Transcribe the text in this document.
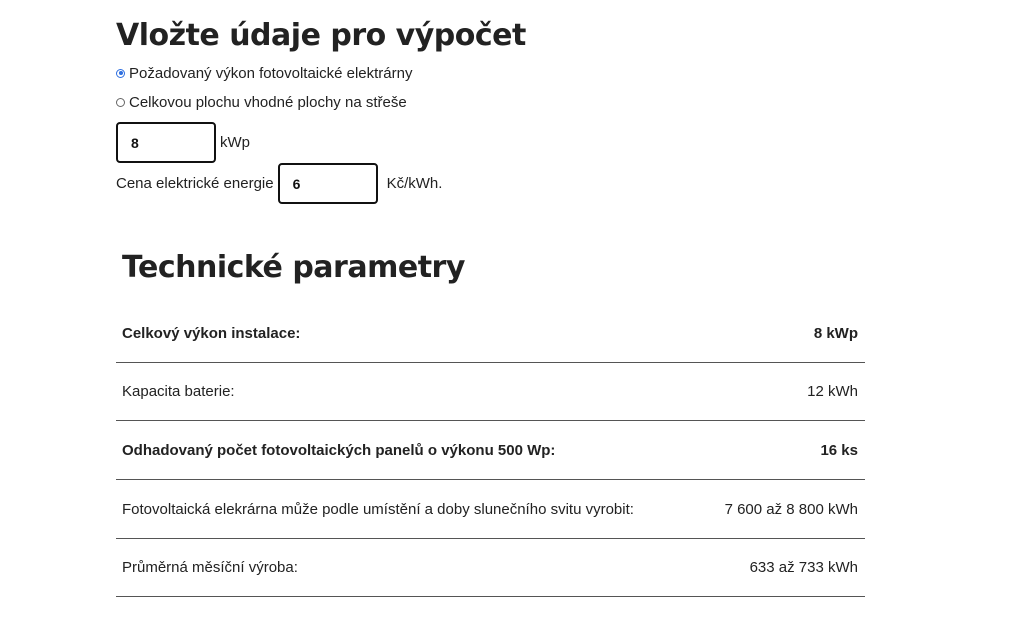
Vložte údaje pro výpočet
Požadovaný výkon fotovoltaické elektrárny
Celkovou plochu vhodné plochy na střeše
8
kWp
Cena elektrické energie
6	Kč/kWh.
Technické parametry
Celkový výkon instalace:	8 kWp
Kapacita baterie:	12 kWh
Odhadovaný počet fotovoltaických panelů o výkonu 500 Wp:	16 ks

Fotovoltaická elekrárna může podle umístění a doby slunečního svitu vyrobit:	7 600 až 8 800 kWh
Průměrná měsíční výroba:	633 až 733 kWh
